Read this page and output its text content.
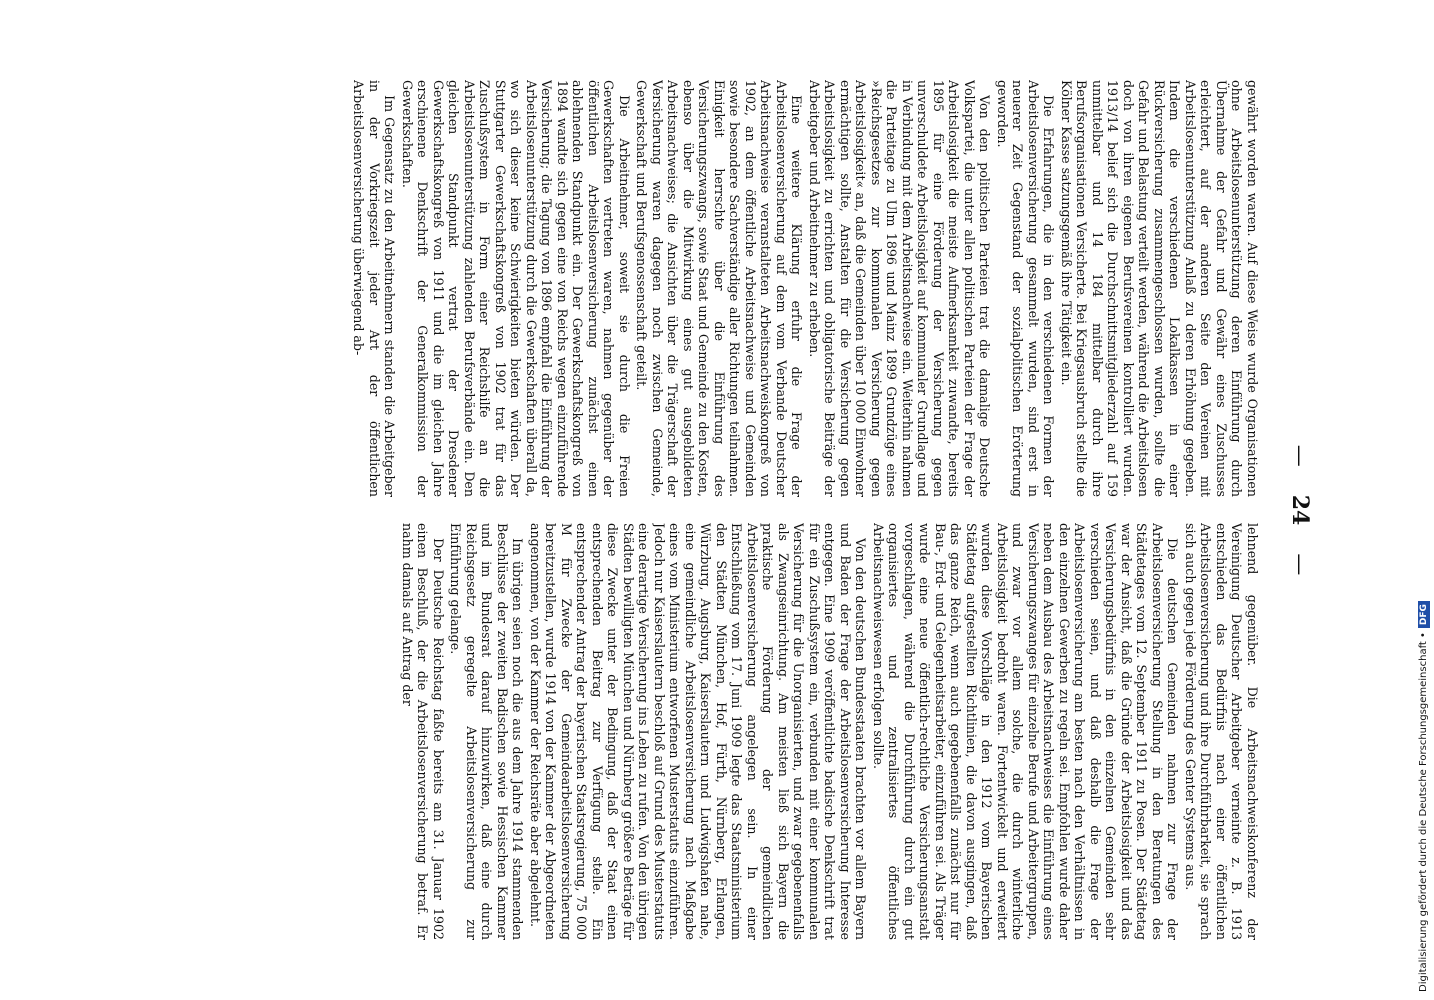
—
24
—

gewährt worden waren. Auf diese Weise wurde Organisationen ohne Arbeitslosenunterstützung deren Einführung durch Übernahme der Gefahr und Gewähr eines Zuschusses erleichtert, auf der anderen Seite den Vereinen mit Arbeitslosenunterstützung Anlaß zu deren Erhöhung gegeben. Indem die verschiedenen Lokalkassen in einer Rückversicherung zusammengeschlossen wurden, sollte die Gefahr und Belastung verteilt werden, während die Arbeitslosen doch von ihren eigenen Berufsvereinen kontrolliert wurden. 1913/14 belief sich die Durchschnittsmitgliederzahl auf 159 unmittelbar und 14 184 mittelbar durch ihre Berufsorganisationen Versicherte. Bei Kriegsausbruch stellte die Kölner Kasse satzungsgemäß ihre Tätigkeit ein.

Die Erfahrungen, die in den verschiedenen Formen der Arbeitslosenversicherung gesammelt wurden, sind erst in neuerer Zeit Gegenstand der sozialpolitischen Erörterung geworden.

Von den politischen Parteien trat die damalige Deutsche Volkspartei, die unter allen politischen Parteien der Frage der Arbeitslosigkeit die meiste Aufmerksamkeit zuwandte, bereits 1895 für eine Förderung der Versicherung gegen unverschuldete Arbeitslosigkeit auf kommunaler Grundlage und in Verbindung mit dem Arbeitsnachweise ein. Weiterhin nahmen die Parteitage zu Ulm 1896 und Mainz 1899 Grundzüge eines »Reichsgesetzes zur kommunalen Versicherung gegen Arbeitslosigkeit« an, daß die Gemeinden über 10 000 Einwohner ermächtigen sollte, Anstalten für die Versicherung gegen Arbeitslosigkeit zu errichten und obligatorische Beiträge der Arbeitgeber und Arbeitnehmer zu erheben.

Eine weitere Klärung erfuhr die Frage der Arbeitslosenversicherung auf dem vom Verbande Deutscher Arbeitsnachweise veranstalteten Arbeitsnachweiskongreß von 1902, an dem öffentliche Arbeitsnachweise und Gemeinden sowie besondere Sachverständige aller Richtungen teilnahmen. Einigkeit herrschte über die Einführung des Versicherungszwangs, sowie Staat und Gemeinde zu den Kosten, ebenso über die Mitwirkung eines gut ausgebildeten Arbeitsnachweises; die Ansichten über die Trägerschaft der Versicherung waren dagegen noch zwischen Gemeinde, Gewerkschaft und Berufsgenossenschaft geteilt.

Die Arbeitnehmer, soweit sie durch die Freien Gewerkschaften vertreten waren, nahmen gegenüber der öffentlichen Arbeitslosenversicherung zunächst einen ablehnenden Standpunkt ein. Der Gewerkschaftskongreß von 1894 wandte sich gegen eine von Reichs wegen einzuführende Versicherung; die Tagung von 1896 empfahl die Einführung der Arbeitslosenunterstützung durch die Gewerkschaften überall da, wo sich dieser keine Schwierigkeiten bieten würden. Der Stuttgarter Gewerkschaftskongreß von 1902 trat für das Zuschußsystem in Form einer Reichshilfe an die Arbeitslosenunterstützung zahlenden Berufsverbände ein. Den gleichen Standpunkt vertrat der Dresdener Gewerkschaftskongreß von 1911 und die im gleichen Jahre erschienene Denkschrift der Generalkommission der Gewerkschaften.

Im Gegensatz zu den Arbeitnehmern standen die Arbeitgeber in der Vorkriegszeit jeder Art der öffentlichen Arbeitslosenversicherung überwiegend ab-

lehnend gegenüber. Die Arbeitsnachweiskonferenz der Vereinigung Deutscher Arbeitgeber verneinte z. B. 1913 entschieden das Bedürfnis nach einer öffentlichen Arbeitslosenversicherung und ihre Durchführbarkeit, sie sprach sich auch gegen jede Förderung des Genter Systems aus.

Die deutschen Gemeinden nahmen zur Frage der Arbeitslosenversicherung Stellung in den Beratungen des Städtetages vom 12. September 1911 zu Posen. Der Städtetag war der Ansicht, daß die Gründe der Arbeitslosigkeit und das Versicherungsbedürfnis in den einzelnen Gemeinden sehr verschieden seien, und daß deshalb die Frage der Arbeitslosenversicherung am besten nach den Verhältnissen in den einzelnen Gewerben zu regeln sei. Empfohlen wurde daher neben dem Ausbau des Arbeitsnachweises die Einführung eines Versicherungszwanges für einzelne Berufe und Arbeitergruppen, und zwar vor allem solche, die durch winterliche Arbeitslosigkeit bedroht waren. Fortentwickelt und erweitert wurden diese Vorschläge in den 1912 vom Bayerischen Städtetag aufgestellten Richtlinien, die davon ausgingen, daß das ganze Reich, wenn auch gegebenenfalls zunächst nur für Bau-, Erd- und Gelegenheitsarbeiter, einzuführen sei. Als Träger wurde eine neue öffentlich-rechtliche Versicherungsanstalt vorgeschlagen, während die Durchführung durch ein gut organisiertes und zentralisiertes öffentliches Arbeitsnachweiswesen erfolgen sollte.

Von den deutschen Bundesstaaten brachten vor allem Bayern und Baden der Frage der Arbeitslosenversicherung Interesse entgegen. Eine 1909 veröffentlichte badische Denkschrift trat für ein Zuschußsystem ein, verbunden mit einer kommunalen Versicherung für die Unorganisierten, und zwar gegebenenfalls als Zwangseinrichtung. Am meisten ließ sich Bayern die praktische Förderung der gemeindlichen Arbeitslosenversicherung angelegen sein. In einer Entschließung vom 17. Juni 1909 legte das Staatsministerium den Städten München, Hof, Fürth, Nürnberg, Erlangen, Würzburg, Augsburg, Kaiserslautern und Ludwigshafen nahe, eine gemeindliche Arbeitslosenversicherung nach Maßgabe eines vom Ministerium entworfenen Musterstatuts einzuführen. Jedoch nur Kaiserslautern beschloß auf Grund des Musterstatuts eine derartige Versicherung ins Leben zu rufen. Von den übrigen Städten bewilligten München und Nürnberg größere Beträge für diese Zwecke unter der Bedingung, daß der Staat einen entsprechenden Beitrag zur Verfügung stelle. Ein entsprechender Antrag der bayerischen Staatsregierung, 75 000 M für Zwecke der Gemeindearbeitslosenversicherung bereitzustellen, wurde 1914 von der Kammer der Abgeordneten angenommen, von der Kammer der Reichsräte aber abgelehnt.

Im übrigen seien noch die aus dem Jahre 1914 stammenden Beschlüsse der zweiten Badischen sowie Hessischen Kammer und im Bundesrat darauf hinzuwirken, daß eine durch Reichsgesetz geregelte Arbeitslosenversicherung zur Einführung gelange.

Der Deutsche Reichstag faßte bereits am 31. Januar 1902 einen Beschluß, der die Arbeitslosenversicherung betraf. Er nahm damals auf Antrag der

Digitalisierung gefördert durch die Deutsche Forschungsgemeinschaft •
DFG
